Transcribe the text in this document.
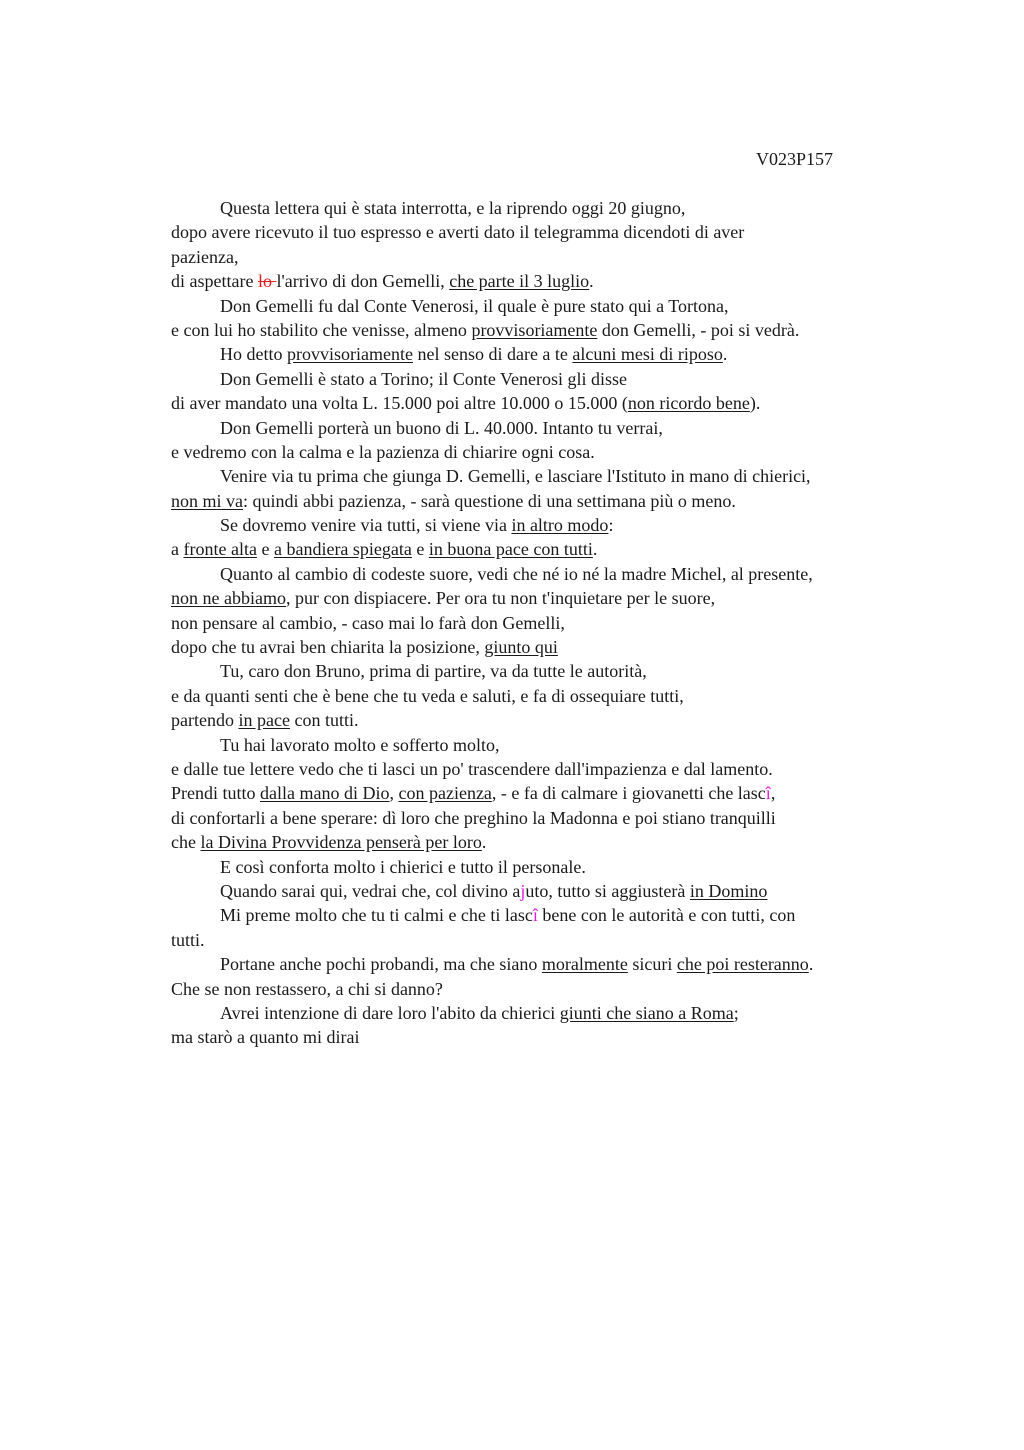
V023P157
Questa lettera qui è stata interrotta, e la riprendo oggi 20 giugno,
dopo avere ricevuto il tuo espresso e averti dato il telegramma dicendoti di aver
pazienza,
di aspettare lo l'arrivo di don Gemelli, che parte il 3 luglio.
Don Gemelli fu dal Conte Venerosi, il quale è pure stato qui a Tortona,
e con lui ho stabilito che venisse, almeno provvisoriamente don Gemelli, - poi si vedrà.
Ho detto provvisoriamente nel senso di dare a te alcuni mesi di riposo.
Don Gemelli è stato a Torino; il Conte Venerosi gli disse
di aver mandato una volta L. 15.000 poi altre 10.000 o 15.000 (non ricordo bene).
Don Gemelli porterà un buono di L. 40.000. Intanto tu verrai,
e vedremo con la calma e la pazienza di chiarire ogni cosa.
Venire via tu prima che giunga D. Gemelli, e lasciare l'Istituto in mano di chierici,
non mi va: quindi abbi pazienza, - sarà questione di una settimana più o meno.
Se dovremo venire via tutti, si viene via in altro modo:
a fronte alta e a bandiera spiegata e in buona pace con tutti.
Quanto al cambio di codeste suore, vedi che né io né la madre Michel, al presente,
non ne abbiamo, pur con dispiacere. Per ora tu non t'inquietare per le suore,
non pensare al cambio, - caso mai lo farà don Gemelli,
dopo che tu avrai ben chiarita la posizione, giunto qui
Tu, caro don Bruno, prima di partire, va da tutte le autorità,
e da quanti senti che è bene che tu veda e saluti, e fa di ossequiare tutti,
partendo in pace con tutti.
Tu hai lavorato molto e sofferto molto,
e dalle tue lettere vedo che ti lasci un po' trascendere dall'impazienza e dal lamento.
Prendi tutto dalla mano di Dio, con pazienza, - e fa di calmare i giovanetti che lascî,
di confortarli a bene sperare: dì loro che preghino la Madonna e poi stiano tranquilli
che la Divina Provvidenza penserà per loro.
E così conforta molto i chierici e tutto il personale.
Quando sarai qui, vedrai che, col divino ajuto, tutto si aggiusterà in Domino
Mi preme molto che tu ti calmi e che ti lascî bene con le autorità e con tutti, con
tutti.
Portane anche pochi probandi, ma che siano moralmente sicuri che poi resteranno.
Che se non restassero, a chi si danno?
Avrei intenzione di dare loro l'abito da chierici giunti che siano a Roma;
ma starò a quanto mi dirai
